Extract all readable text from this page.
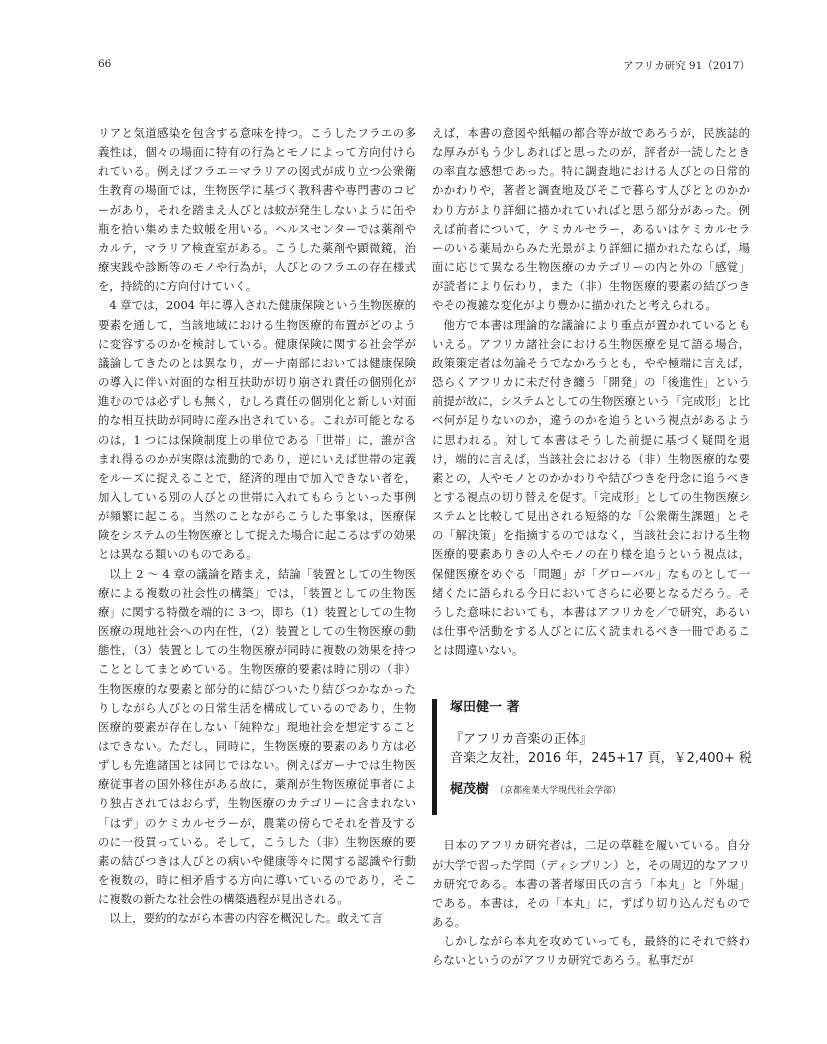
66	アフリカ研究 91（2017）

リアと気道感染を包含する意味を持つ。こうしたフラエの多義性は，個々の場面に特有の行為とモノによって方向付けられている。例えばフラエ＝マラリアの図式が成り立つ公衆衛生教育の場面では，生物医学に基づく教科書や専門書のコピーがあり，それを踏まえ人びとは蚊が発生しないように缶や瓶を拾い集めまた蚊帳を用いる。ヘルスセンターでは薬剤やカルテ，マラリア検査室がある。こうした薬剤や顕微鏡，治療実践や診断等のモノや行為が，人びとのフラエの存在様式を，持続的に方向付けていく。

4 章では，2004 年に導入された健康保険という生物医療的要素を通して，当該地域における生物医療的布置がどのように変容するのかを検討している。健康保険に関する社会学が議論してきたのとは異なり，ガーナ南部においては健康保険の導入に伴い対面的な相互扶助が切り崩され責任の個別化が進むのでは必ずしも無く，むしろ責任の個別化と新しい対面的な相互扶助が同時に産み出されている。これが可能となるのは，1 つには保険制度上の単位である「世帯」に，誰が含まれ得るのかが実際は流動的であり，逆にいえば世帯の定義をルーズに捉えることで，経済的理由で加入できない者を，加入している別の人びとの世帯に入れてもらうといった事例が頻繁に起こる。当然のことながらこうした事象は，医療保険をシステムの生物医療として捉えた場合に起こるはずの効果とは異なる類いのものである。

以上 2 ～ 4 章の議論を踏まえ，結論「装置としての生物医療による複数の社会性の構築」では，「装置としての生物医療」に関する特徴を端的に 3 つ，即ち（1）装置としての生物医療の現地社会への内在性，（2）装置としての生物医療の動態性，（3）装置としての生物医療が同時に複数の効果を持つこととしてまとめている。生物医療的要素は時に別の（非）生物医療的な要素と部分的に結びついたり結びつかなかったりしながら人びとの日常生活を構成しているのであり，生物医療的要素が存在しない「純粋な」現地社会を想定することはできない。ただし，同時に，生物医療的要素のあり方は必ずしも先進諸国とは同じではない。例えばガーナでは生物医療従事者の国外移住がある故に，薬剤が生物医療従事者により独占されてはおらず，生物医療のカテゴリーに含まれない「はず」のケミカルセラーが，農業の傍らでそれを普及するのに一役買っている。そして，こうした（非）生物医療的要素の結びつきは人びとの病いや健康等々に関する認識や行動を複数の，時に相矛盾する方向に導いているのであり，そこに複数の新たな社会性の構築過程が見出される。

以上，要約的ながら本書の内容を概況した。敢えて言

えば，本書の意図や紙幅の都合等が故であろうが，民族誌的な厚みがもう少しあればと思ったのが，評者が一読したときの率直な感想であった。特に調査地における人びとの日常的かかわりや，著者と調査地及びそこで暮らす人びととのかかわり方がより詳細に描かれていればと思う部分があった。例えば前者について，ケミカルセラー，あるいはケミカルセラーのいる薬局からみた光景がより詳細に描かれたならば，場面に応じて異なる生物医療のカテゴリーの内と外の「感覚」が読者により伝わり，また（非）生物医療的要素の結びつきやその複雑な変化がより豊かに描かれたと考えられる。

他方で本書は理論的な議論により重点が置かれているともいえる。アフリカ諸社会における生物医療を見て語る場合，政策策定者は勿論そうでなかろうとも，やや極端に言えば，恐らくアフリカに未だ付き纏う「開発」の「後進性」という前提が故に，システムとしての生物医療という「完成形」と比べ何が足りないのか，違うのかを追うという視点があるように思われる。対して本書はそうした前提に基づく疑問を退け，端的に言えば，当該社会における（非）生物医療的な要素との，人やモノとのかかわりや結びつきを丹念に追うべきとする視点の切り替えを促す。「完成形」としての生物医療システムと比較して見出される短絡的な「公衆衛生課題」とその「解決策」を指摘するのではなく，当該社会における生物医療的要素ありきの人やモノの在り様を追うという視点は，保健医療をめぐる「問題」が「グローバル」なものとして一緒くたに語られる今日においてさらに必要となるだろう。そうした意味においても，本書はアフリカを／で研究，あるいは仕事や活動をする人びとに広く読まれるべき一冊であることは間違いない。

塚田健一 著
『アフリカ音楽の正体』
音楽之友社，2016 年，245+17 頁，￥2,400+ 税
梶茂樹 （京都産業大学現代社会学部）

日本のアフリカ研究者は，二足の草鞋を履いている。自分が大学で習った学問（ディシプリン）と，その周辺的なアフリカ研究である。本書の著者塚田氏の言う「本丸」と「外堀」である。本書は，その「本丸」に，ずばり切り込んだものである。

しかしながら本丸を攻めていっても，最終的にそれで終わらないというのがアフリカ研究であろう。私事だが
